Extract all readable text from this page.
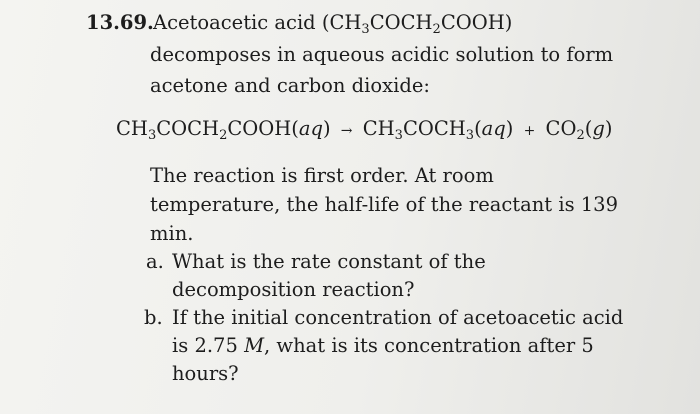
13.69. Acetoacetic acid $(CH_3COCH_2COOH)$
decomposes in aqueous acidic solution to form
acetone and carbon dioxide:
$CH_3COCH_2COOH(aq)$ → $CH_3COCH_3(aq) + CO_2(g)$
The reaction is first order. At room
temperature, the half-life of the reactant is 139
min.
a. What is the rate constant of the
decomposition reaction?
b. If the initial concentration of acetoacetic acid
is 2.75 M, what is its concentration after 5
hours?
